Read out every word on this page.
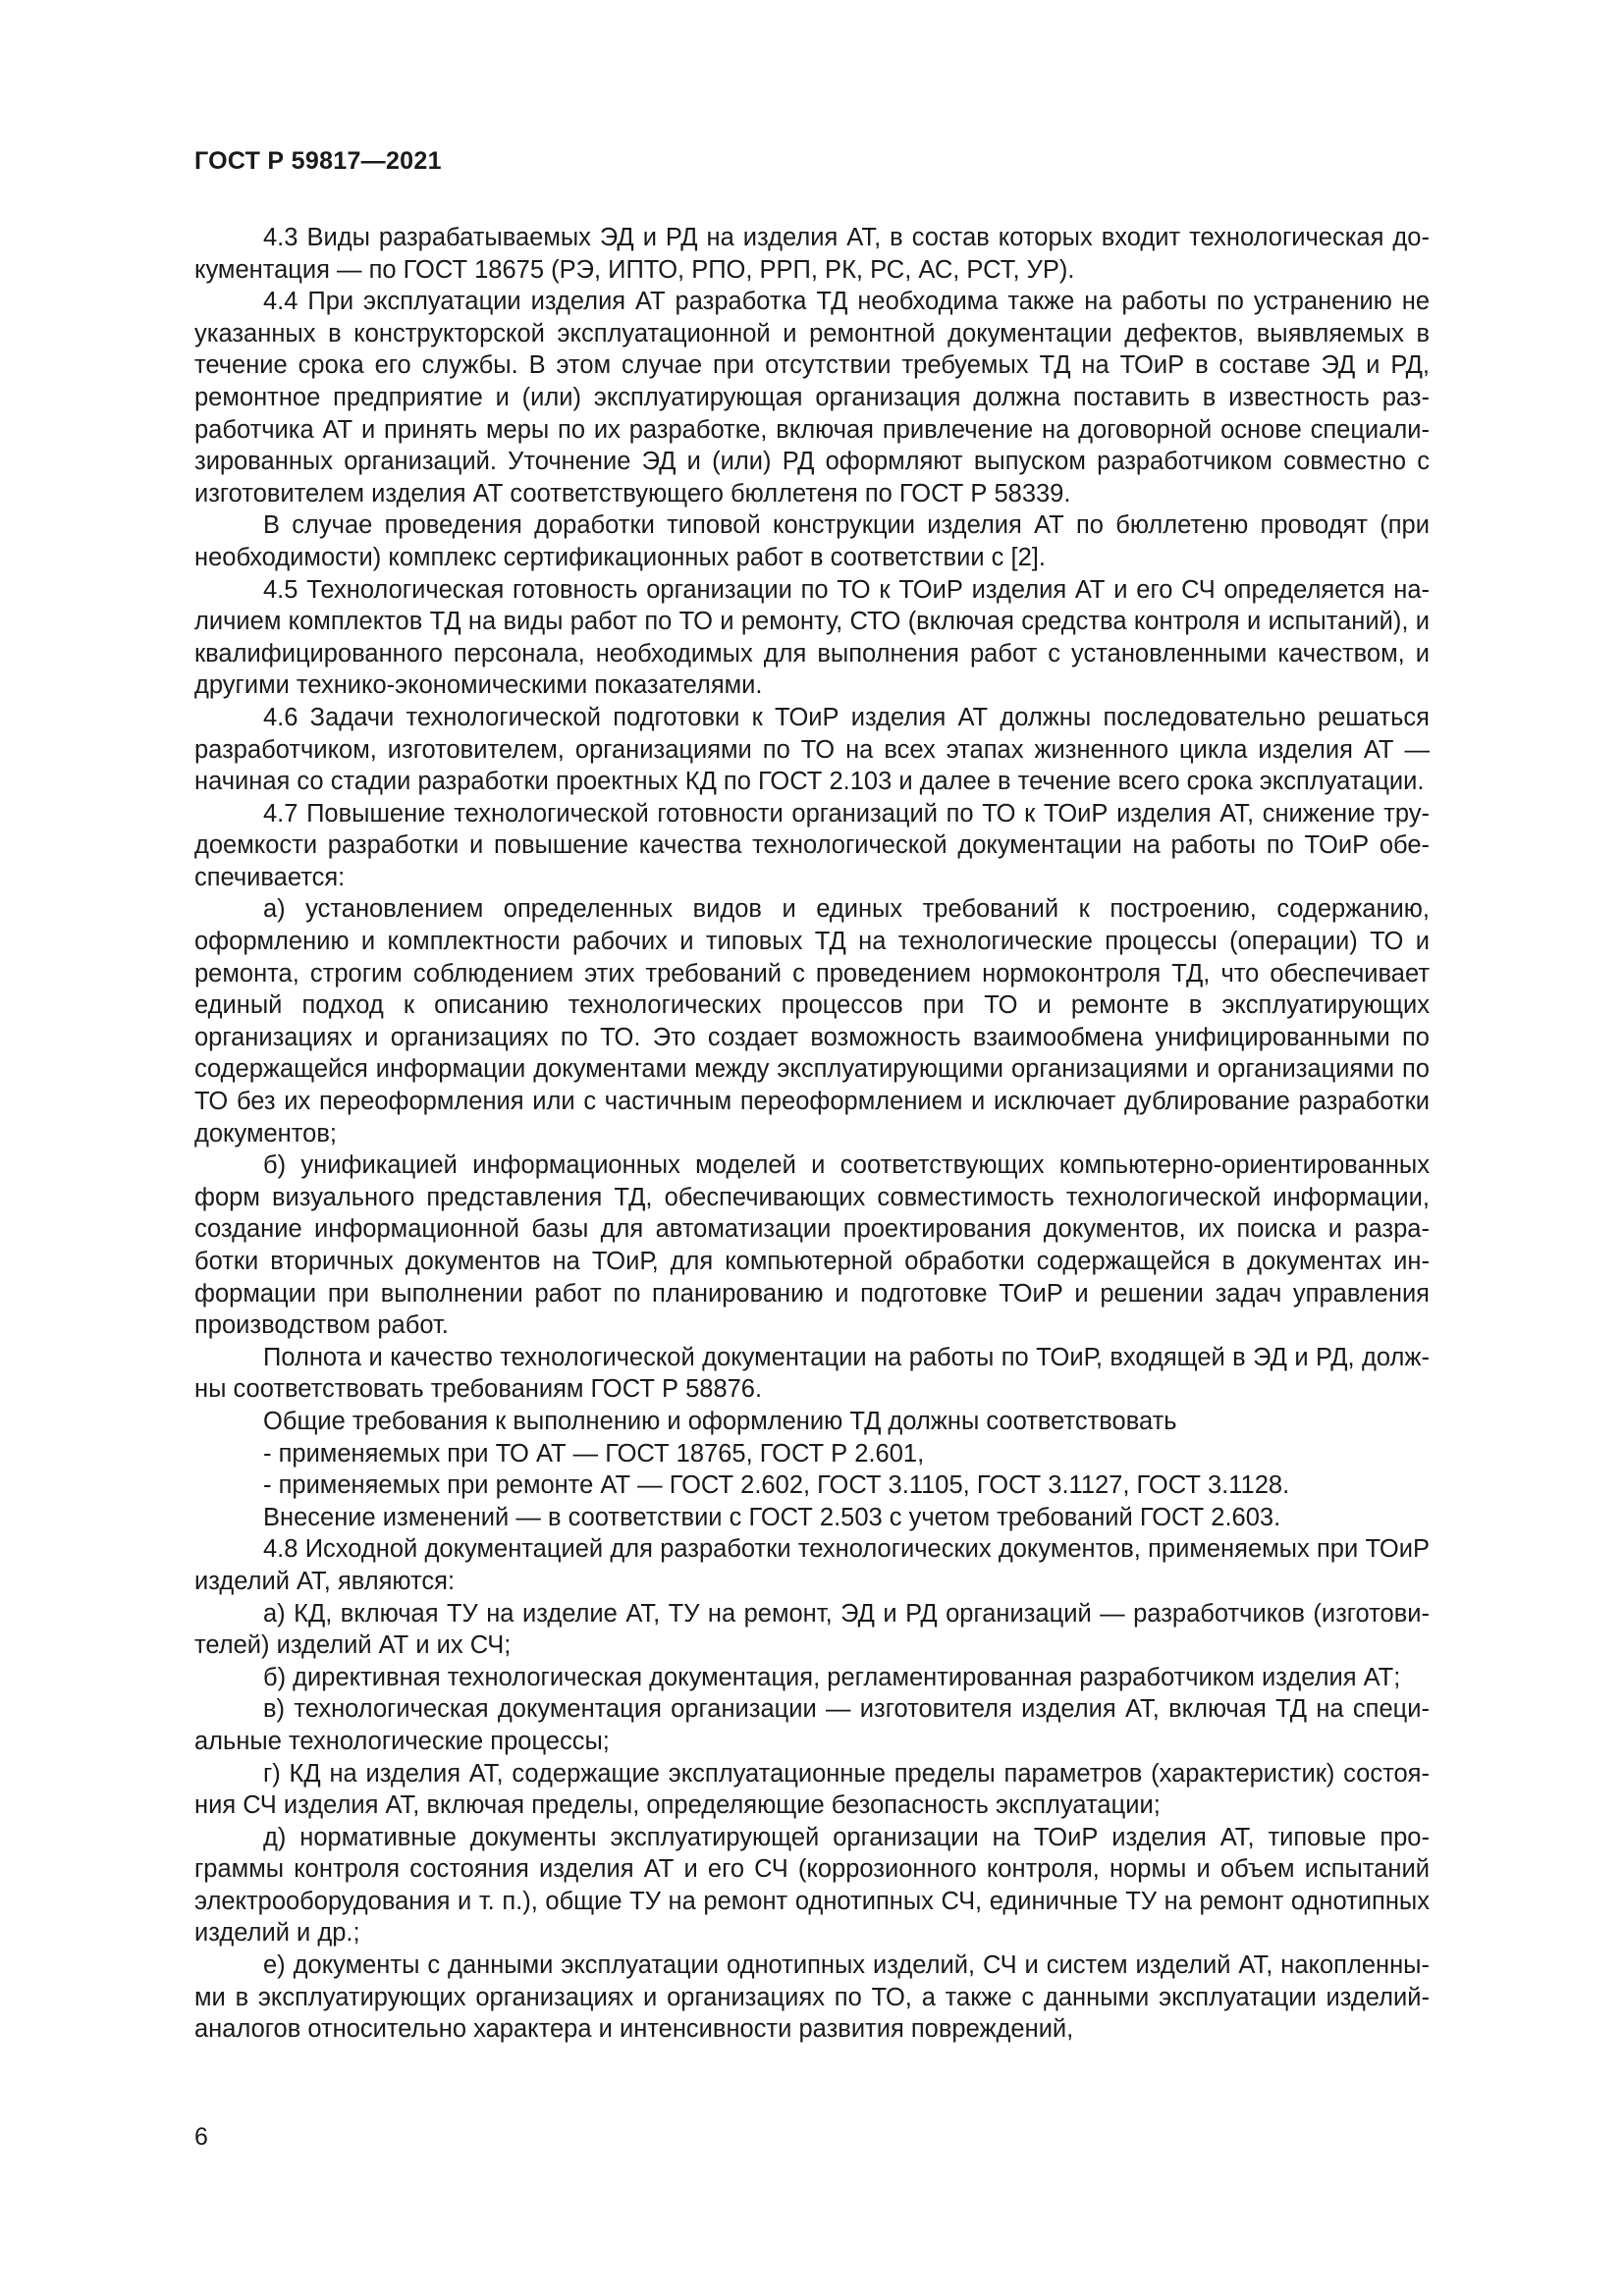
ГОСТ Р 59817—2021

4.3 Виды разрабатываемых ЭД и РД на изделия АТ, в состав которых входит технологическая документация — по ГОСТ 18675 (РЭ, ИПТО, РПО, РРП, РК, РС, АС, РСТ, УР).

4.4 При эксплуатации изделия АТ разработка ТД необходима также на работы по устранению не указанных в конструкторской эксплуатационной и ремонтной документации дефектов, выявляемых в течение срока его службы. В этом случае при отсутствии требуемых ТД на ТОиР в составе ЭД и РД, ремонтное предприятие и (или) эксплуатирующая организация должна поставить в известность разработчика АТ и принять меры по их разработке, включая привлечение на договорной основе специализированных организаций. Уточнение ЭД и (или) РД оформляют выпуском разработчиком совместно с изготовителем изделия АТ соответствующего бюллетеня по ГОСТ Р 58339.

В случае проведения доработки типовой конструкции изделия АТ по бюллетеню проводят (при необходимости) комплекс сертификационных работ в соответствии с [2].

4.5 Технологическая готовность организации по ТО к ТОиР изделия АТ и его СЧ определяется наличием комплектов ТД на виды работ по ТО и ремонту, СТО (включая средства контроля и испытаний), и квалифицированного персонала, необходимых для выполнения работ с установленными качеством, и другими технико-экономическими показателями.

4.6 Задачи технологической подготовки к ТОиР изделия АТ должны последовательно решаться разработчиком, изготовителем, организациями по ТО на всех этапах жизненного цикла изделия АТ — начиная со стадии разработки проектных КД по ГОСТ 2.103 и далее в течение всего срока эксплуатации.

4.7 Повышение технологической готовности организаций по ТО к ТОиР изделия АТ, снижение трудоемкости разработки и повышение качества технологической документации на работы по ТОиР обеспечивается:

а) установлением определенных видов и единых требований к построению, содержанию, оформлению и комплектности рабочих и типовых ТД на технологические процессы (операции) ТО и ремонта, строгим соблюдением этих требований с проведением нормоконтроля ТД, что обеспечивает единый подход к описанию технологических процессов при ТО и ремонте в эксплуатирующих организациях и организациях по ТО. Это создает возможность взаимообмена унифицированными по содержащейся информации документами между эксплуатирующими организациями и организациями по ТО без их переоформления или с частичным переоформлением и исключает дублирование разработки документов;

б) унификацией информационных моделей и соответствующих компьютерно-ориентированных форм визуального представления ТД, обеспечивающих совместимость технологической информации, создание информационной базы для автоматизации проектирования документов, их поиска и разработки вторичных документов на ТОиР, для компьютерной обработки содержащейся в документах информации при выполнении работ по планированию и подготовке ТОиР и решении задач управления производством работ.

Полнота и качество технологической документации на работы по ТОиР, входящей в ЭД и РД, должны соответствовать требованиям ГОСТ Р 58876.

Общие требования к выполнению и оформлению ТД должны соответствовать

- применяемых при ТО АТ — ГОСТ 18765, ГОСТ Р 2.601,

- применяемых при ремонте АТ — ГОСТ 2.602, ГОСТ 3.1105, ГОСТ 3.1127, ГОСТ 3.1128.

Внесение изменений — в соответствии с ГОСТ 2.503 с учетом требований ГОСТ 2.603.

4.8 Исходной документацией для разработки технологических документов, применяемых при ТОиР изделий АТ, являются:

а) КД, включая ТУ на изделие АТ, ТУ на ремонт, ЭД и РД организаций — разработчиков (изготовителей) изделий АТ и их СЧ;

б) директивная технологическая документация, регламентированная разработчиком изделия АТ;

в) технологическая документация организации — изготовителя изделия АТ, включая ТД на специальные технологические процессы;

г) КД на изделия АТ, содержащие эксплуатационные пределы параметров (характеристик) состояния СЧ изделия АТ, включая пределы, определяющие безопасность эксплуатации;

д) нормативные документы эксплуатирующей организации на ТОиР изделия АТ, типовые программы контроля состояния изделия АТ и его СЧ (коррозионного контроля, нормы и объем испытаний электрооборудования и т. п.), общие ТУ на ремонт однотипных СЧ, единичные ТУ на ремонт однотипных изделий и др.;

е) документы с данными эксплуатации однотипных изделий, СЧ и систем изделий АТ, накопленными в эксплуатирующих организациях и организациях по ТО, а также с данными эксплуатации изделий-аналогов относительно характера и интенсивности развития повреждений,

6
